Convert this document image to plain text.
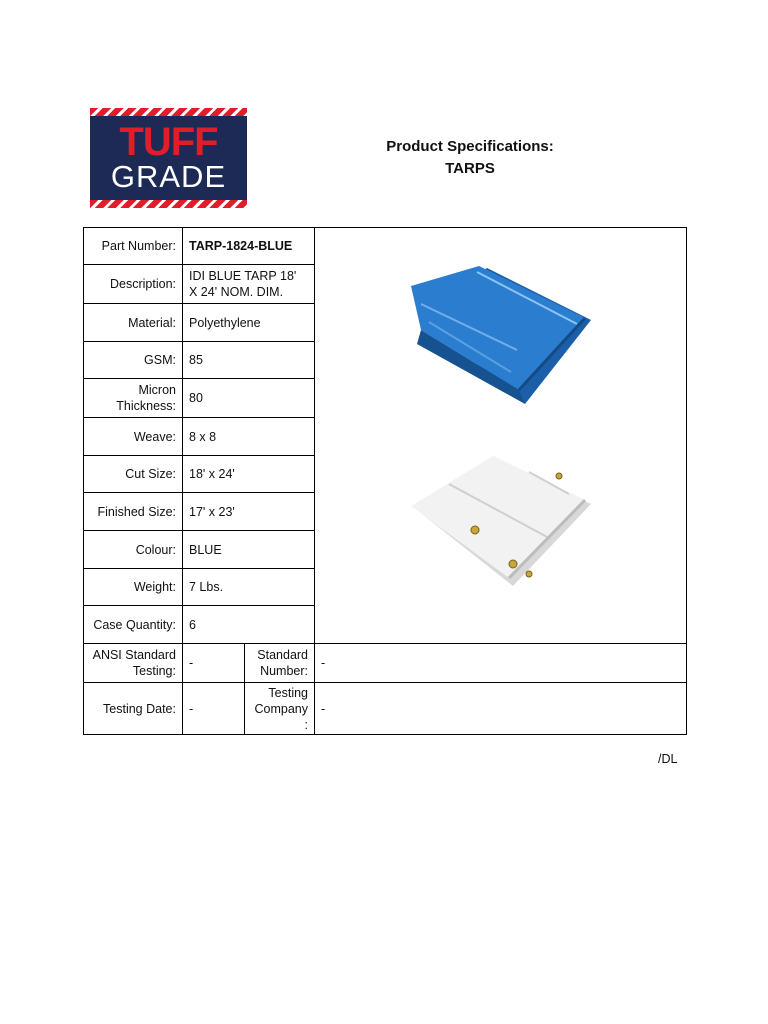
TUFF
GRADE
Product Specifications:
TARPS
Part Number:	TARP-1824-BLUE	

Description:	IDI BLUE TARP 18' X 24' NOM. DIM.		
Material:	Polyethylene		
GSM:	85		
Micron Thickness:	80		
Weave:	8 x 8		
Cut Size:	18' x 24'		
Finished Size:	17' x 23'		
Colour:	BLUE		
Weight:	7 Lbs.		
Case Quantity:	6		
ANSI Standard Testing:	-	Standard Number:	-
Testing Date:	-	Testing Company :	-
/DL
